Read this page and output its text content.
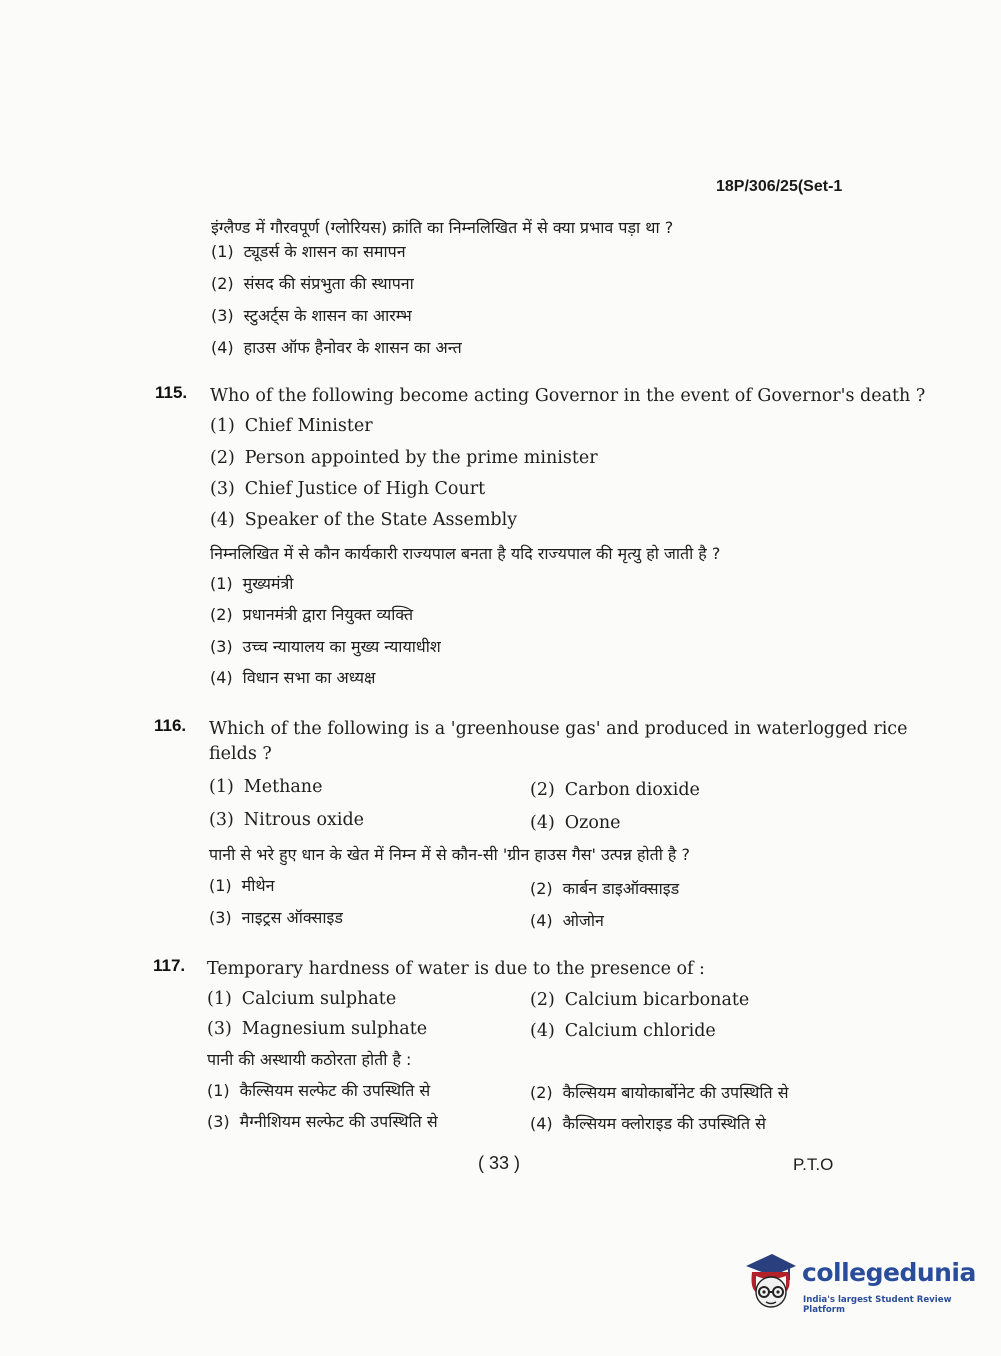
18P/306/25(Set-1
इंग्लैण्ड में गौरवपूर्ण (ग्लोरियस) क्रांति का निम्नलिखित में से क्या प्रभाव पड़ा था ?
(1) ट्यूडर्स के शासन का समापन
(2) संसद की संप्रभुता की स्थापना
(3) स्टुअर्ट्स के शासन का आरम्भ
(4) हाउस ऑफ हैनोवर के शासन का अन्त
115. Who of the following become acting Governor in the event of Governor's death ?
(1) Chief Minister
(2) Person appointed by the prime minister
(3) Chief Justice of High Court
(4) Speaker of the State Assembly
निम्नलिखित में से कौन कार्यकारी राज्यपाल बनता है यदि राज्यपाल की मृत्यु हो जाती है ?
(1) मुख्यमंत्री
(2) प्रधानमंत्री द्वारा नियुक्त व्यक्ति
(3) उच्च न्यायालय का मुख्य न्यायाधीश
(4) विधान सभा का अध्यक्ष
116. Which of the following is a 'greenhouse gas' and produced in waterlogged rice
fields ?
(1) Methane	(2) Carbon dioxide
(3) Nitrous oxide	(4) Ozone
पानी से भरे हुए धान के खेत में निम्न में से कौन-सी 'ग्रीन हाउस गैस' उत्पन्न होती है ?
(1) मीथेन	(2) कार्बन डाइऑक्साइड
(3) नाइट्रस ऑक्साइड	(4) ओजोन
117. Temporary hardness of water is due to the presence of :
(1) Calcium sulphate	(2) Calcium bicarbonate
(3) Magnesium sulphate	(4) Calcium chloride
पानी की अस्थायी कठोरता होती है :
(1) कैल्सियम सल्फेट की उपस्थिति से	(2) कैल्सियम बायोकार्बोनेट की उपस्थिति से
(3) मैग्नीशियम सल्फेट की उपस्थिति से	(4) कैल्सियम क्लोराइड की उपस्थिति से
( 33 )	P.T.O
collegedunia
India's largest Student Review Platform
